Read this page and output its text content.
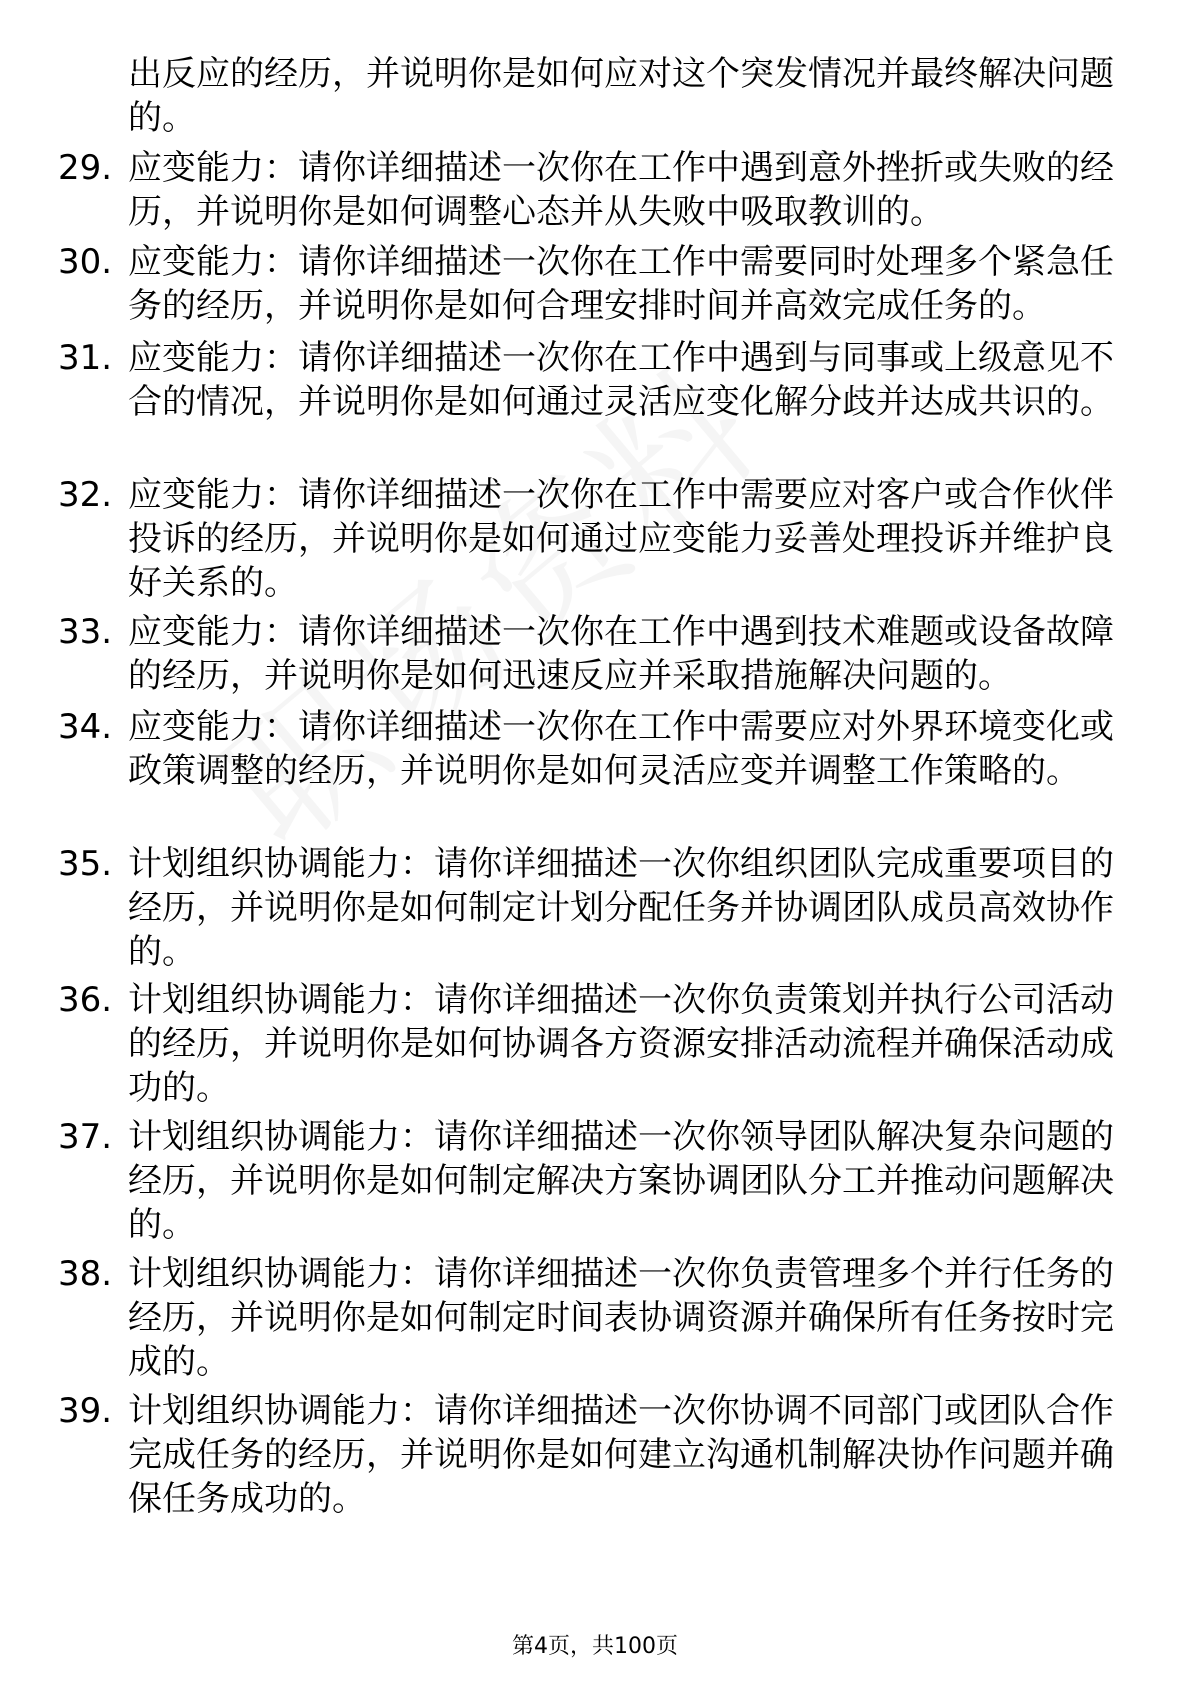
出反应的经历，并说明你是如何应对这个突发情况并最终解决问题的。
29. 应变能力：请你详细描述一次你在工作中遇到意外挫折或失败的经历，并说明你是如何调整心态并从失败中吸取教训的。
30. 应变能力：请你详细描述一次你在工作中需要同时处理多个紧急任务的经历，并说明你是如何合理安排时间并高效完成任务的。
31. 应变能力：请你详细描述一次你在工作中遇到与同事或上级意见不合的情况，并说明你是如何通过灵活应变化解分歧并达成共识的。
32. 应变能力：请你详细描述一次你在工作中需要应对客户或合作伙伴投诉的经历，并说明你是如何通过应变能力妥善处理投诉并维护良好关系的。
33. 应变能力：请你详细描述一次你在工作中遇到技术难题或设备故障的经历，并说明你是如何迅速反应并采取措施解决问题的。
34. 应变能力：请你详细描述一次你在工作中需要应对外界环境变化或政策调整的经历，并说明你是如何灵活应变并调整工作策略的。
35. 计划组织协调能力：请你详细描述一次你组织团队完成重要项目的经历，并说明你是如何制定计划分配任务并协调团队成员高效协作的。
36. 计划组织协调能力：请你详细描述一次你负责策划并执行公司活动的经历，并说明你是如何协调各方资源安排活动流程并确保活动成功的。
37. 计划组织协调能力：请你详细描述一次你领导团队解决复杂问题的经历，并说明你是如何制定解决方案协调团队分工并推动问题解决的。
38. 计划组织协调能力：请你详细描述一次你负责管理多个并行任务的经历，并说明你是如何制定时间表协调资源并确保所有任务按时完成的。
39. 计划组织协调能力：请你详细描述一次你协调不同部门或团队合作完成任务的经历，并说明你是如何建立沟通机制解决协作问题并确保任务成功的。
第4页，共100页
